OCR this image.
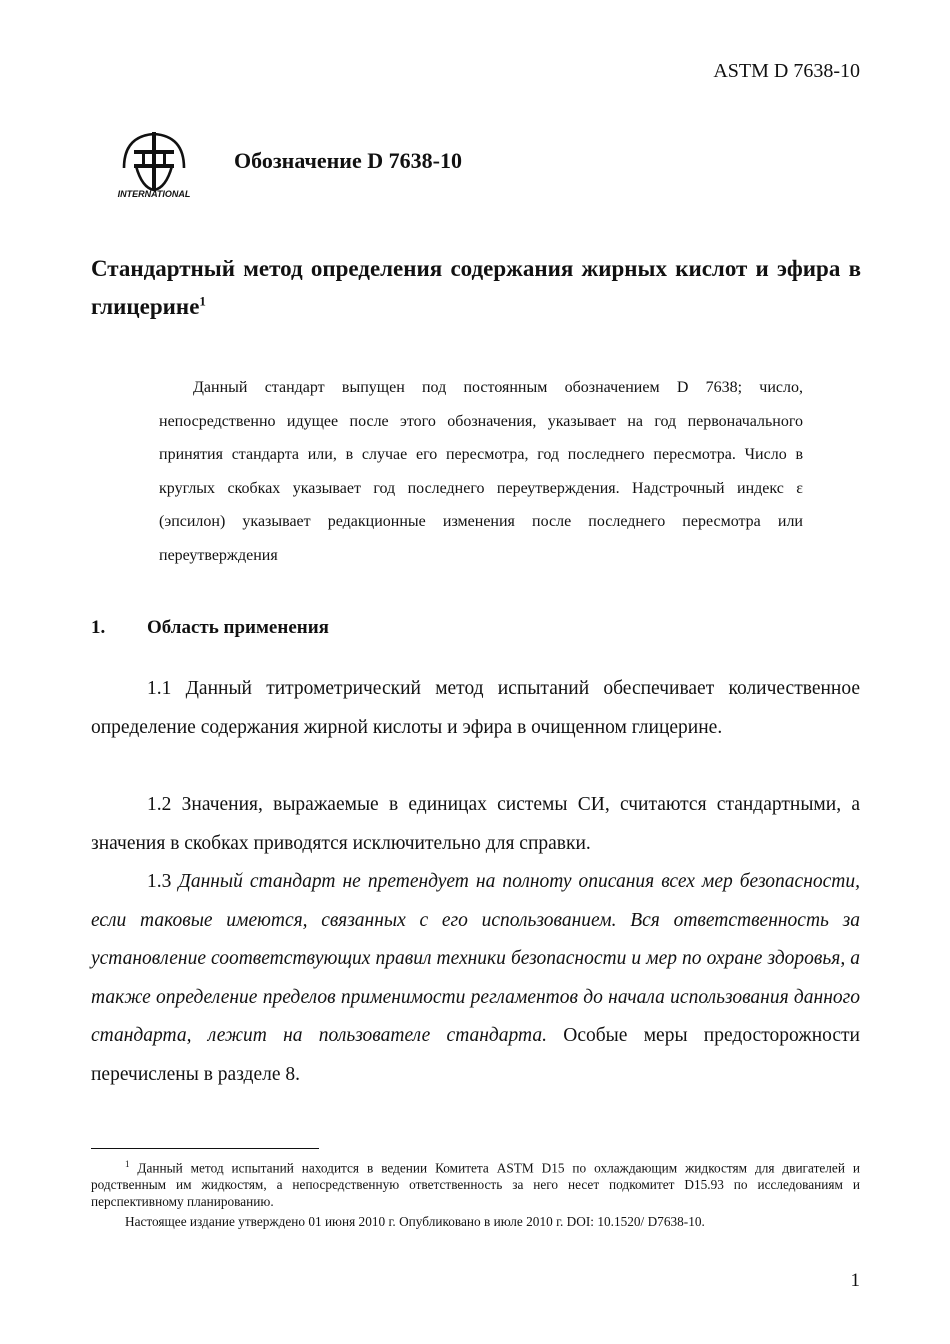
ASTM D 7638-10
INTERNATIONAL
Обозначение D 7638-10
Стандартный метод определения содержания жирных кислот и эфира в глицерине$^1$
Данный стандарт выпущен под постоянным обозначением D 7638; число, непосредственно идущее после этого обозначения, указывает на год первоначального принятия стандарта или, в случае его пересмотра, год последнего пересмотра. Число в круглых скобках указывает год последнего переутверждения. Надстрочный индекс ε (эпсилон) указывает редакционные изменения после последнего пересмотра или переутверждения
1. Область применения
1.1 Данный титрометрический метод испытаний обеспечивает количественное определение содержания жирной кислоты и эфира в очищенном глицерине.
1.2 Значения, выражаемые в единицах системы СИ, считаются стандартными, а значения в скобках приводятся исключительно для справки.
1.3 Данный стандарт не претендует на полноту описания всех мер безопасности, если таковые имеются, связанных с его использованием. Вся ответственность за установление соответствующих правил техники безопасности и мер по охране здоровья, а также определение пределов применимости регламентов до начала использования данного стандарта, лежит на пользователе стандарта. Особые меры предосторожности перечислены в разделе 8.
$^1$ Данный метод испытаний находится в ведении Комитета ASTM D15 по охлаждающим жидкостям для двигателей и родственным им жидкостям, а непосредственную ответственность за него несет подкомитет D15.93 по исследованиям и перспективному планированию.
Настоящее издание утверждено 01 июня 2010 г. Опубликовано в июле 2010 г. DOI: 10.1520/ D7638-10.
1
